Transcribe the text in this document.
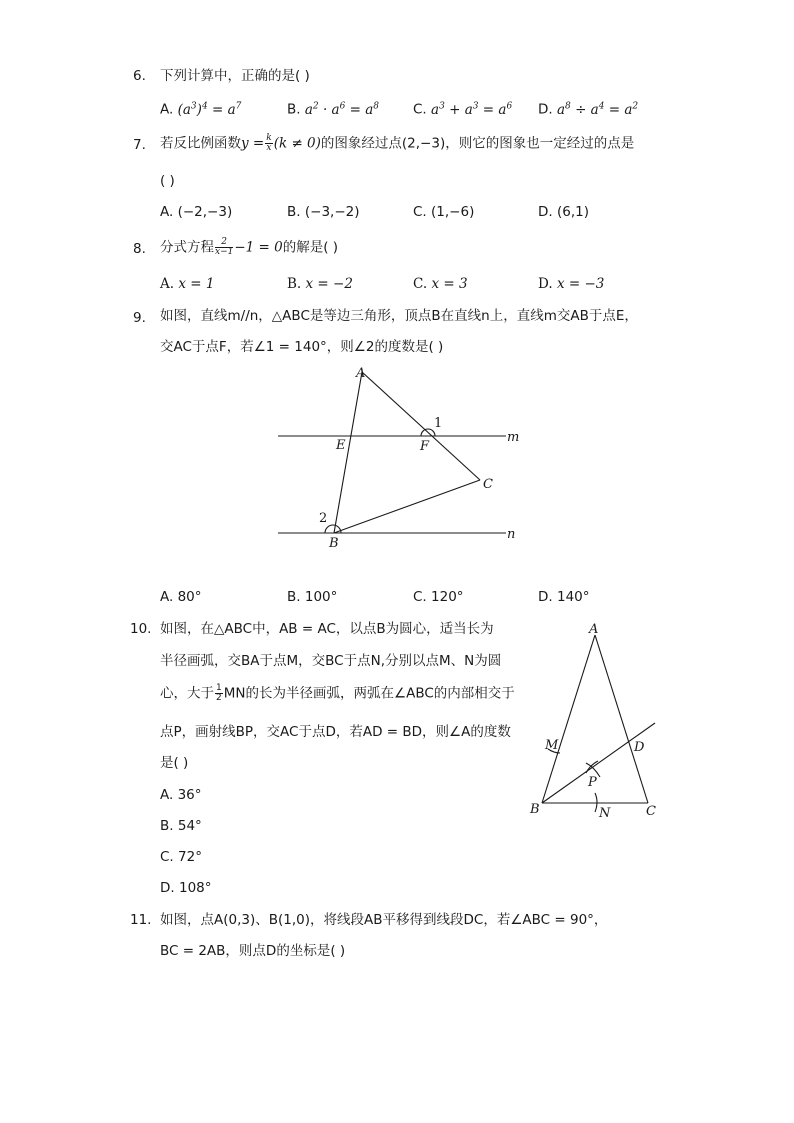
6. 下列计算中，正确的是( )
A. $(a^3)^4 = a^7$	B. $a^2 \cdot a^6 = a^8$	C. $a^3 + a^3 = a^6$ D. $a^8 \div a^4 = a^2$
7. 若反比例函数$y = \frac{k}{x} (k \ne 0)$的图象经过点(2,−3)，则它的图象也一定经过的点是
( )
A. (−2,−3)	B. (−3,−2)	C. (1,−6)	D. (6,1)
8. 分式方程 $\frac{2}{x-1} -1 = 0$的解是( )
A. x = 1	B. x = −2	C. x = 3	D. x = −3
9. 如图，直线m//n，△ABC是等边三角形，顶点B在直线n上，直线m交AB于点E，
交AC于点F，若∠1 = 140°，则∠2的度数是( )
A
E	F
1
m
C
2
B
n
A. 80°	B. 100°	C. 120°	D. 140°
10. 如图，在△ABC中，AB = AC，以点B为圆心，适当长为
半径画弧，交BA于点M，交BC于点N,分别以点M、N为圆
心，大于 $\frac{1}{2}$ MN的长为半径画弧，两弧在∠ABC的内部相交于
点P，画射线BP，交AC于点D，若AD = BD，则∠A的度数
是( )
A
M	D
P
B	N	C
A. 36°
B. 54°
C. 72°
D. 108°
11. 如图，点A(0,3)、B(1,0)，将线段AB平移得到线段DC，若∠ABC = 90°，
BC = 2AB，则点D的坐标是( )
